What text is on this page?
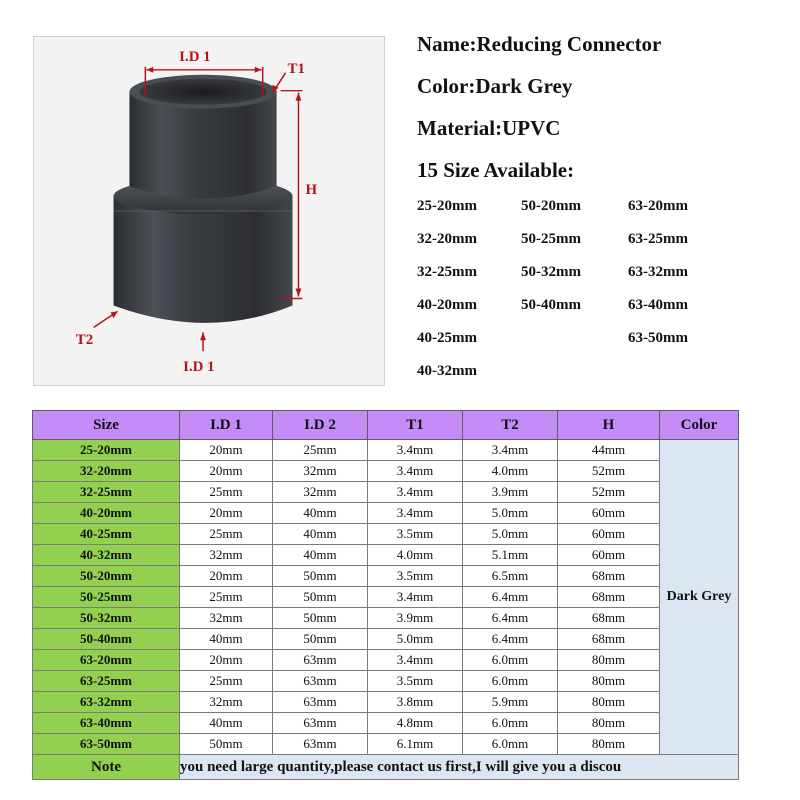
I.D 1
T1
H
T2
I.D 1
Name:Reducing Connector
Color:Dark Grey
Material:UPVC
15 Size Available:
25-20mm
32-20mm
32-25mm
40-20mm
40-25mm
40-32mm
50-20mm
50-25mm
50-32mm
50-40mm
63-20mm
63-25mm
63-32mm
63-40mm
63-50mm
Size	I.D 1	I.D 2	T1	T2	H	Color
25-20mm	20mm	25mm	3.4mm	3.4mm	44mm	Dark Grey
32-20mm	20mm	32mm	3.4mm	4.0mm	52mm	
32-25mm	25mm	32mm	3.4mm	3.9mm	52mm	
40-20mm	20mm	40mm	3.4mm	5.0mm	60mm	
40-25mm	25mm	40mm	3.5mm	5.0mm	60mm	
40-32mm	32mm	40mm	4.0mm	5.1mm	60mm	
50-20mm	20mm	50mm	3.5mm	6.5mm	68mm	
50-25mm	25mm	50mm	3.4mm	6.4mm	68mm	
50-32mm	32mm	50mm	3.9mm	6.4mm	68mm	
50-40mm	40mm	50mm	5.0mm	6.4mm	68mm	
63-20mm	20mm	63mm	3.4mm	6.0mm	80mm	
63-25mm	25mm	63mm	3.5mm	6.0mm	80mm	
63-32mm	32mm	63mm	3.8mm	5.9mm	80mm	
63-40mm	40mm	63mm	4.8mm	6.0mm	80mm	
63-50mm	50mm	63mm	6.1mm	6.0mm	80mm	
Note	you need large quantity,please contact us first,I will give you a discou					
